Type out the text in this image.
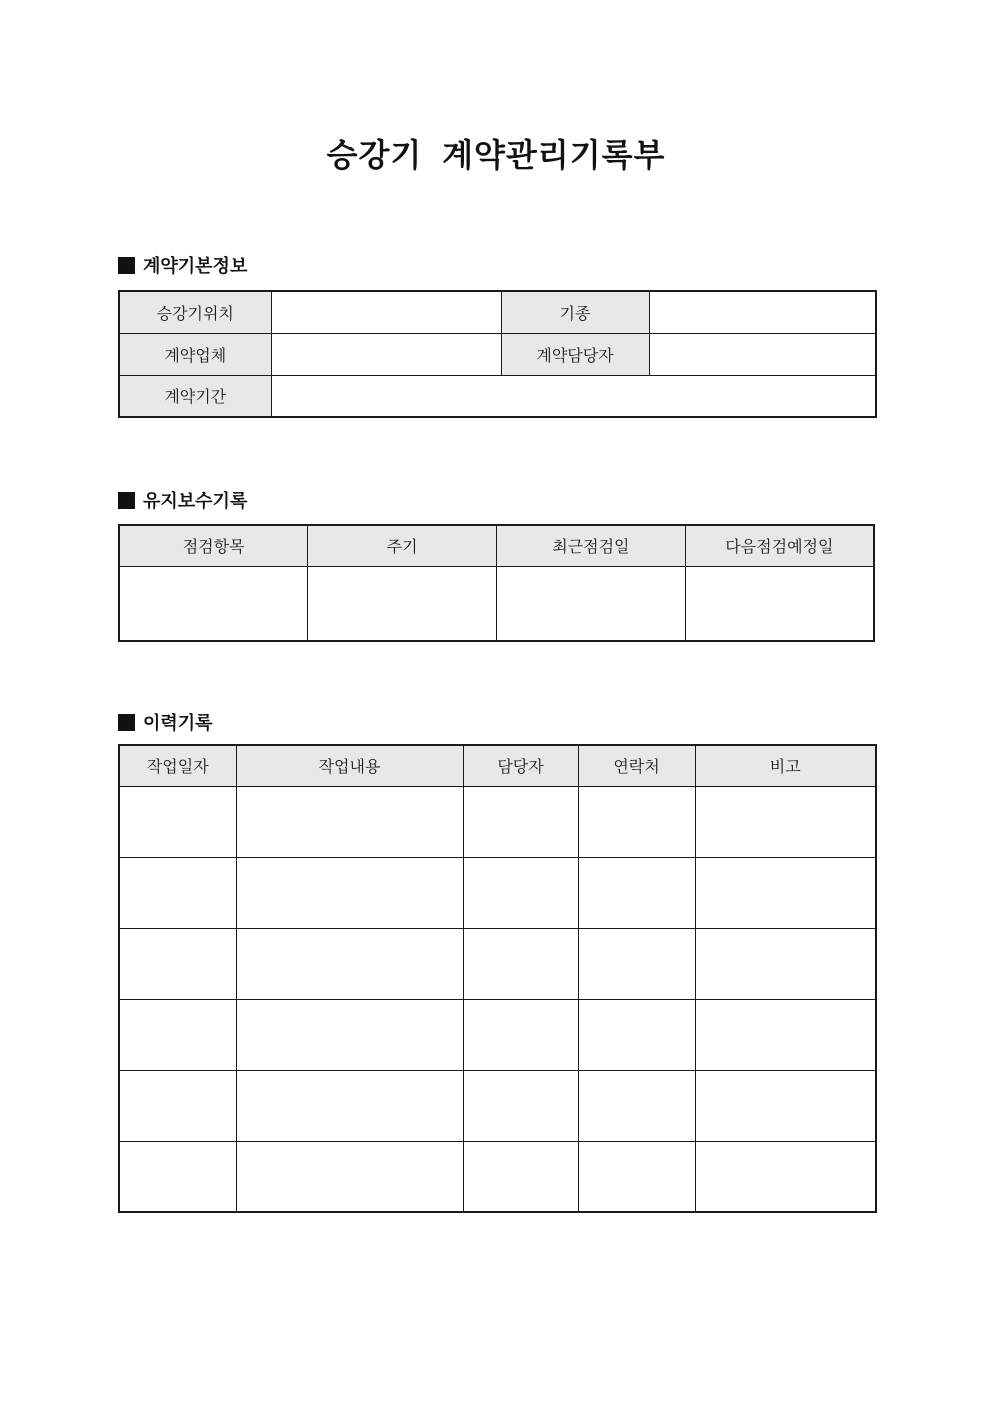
승강기  계약관리기록부
계약기본정보
승강기위치		기종	
계약업체		계약담당자	
계약기간			
유지보수기록
점검항목	주기	최근점검일	다음점검예정일

이력기록
작업일자	작업내용	담당자	연락처	비고
